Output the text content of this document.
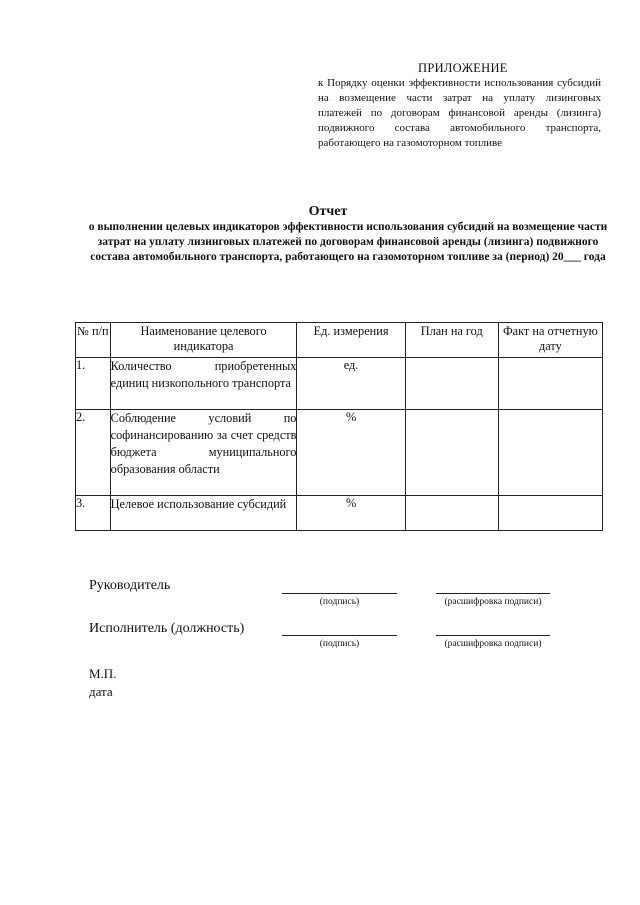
ПРИЛОЖЕНИЕ
к Порядку оценки эффективности использования субсидий на возмещение части затрат на уплату лизинговых платежей по договорам финансовой аренды (лизинга) подвижного состава автомобильного транспорта, работающего на газомоторном топливе
Отчет
о выполнении целевых индикаторов эффективности использования субсидий на возмещение части затрат на уплату лизинговых платежей по договорам финансовой аренды (лизинга) подвижного состава автомобильного транспорта, работающего на газомоторном топливе за (период) 20___ года
№ п/п	Наименование целевого индикатора	Ед. измерения	План на год	Факт на отчетную дату
1.	Количество приобретенных единиц низкопольного транспорта	ед.		
2.	Соблюдение условий по софинансированию за счет средств бюджета муниципального образования области	%		
3.	Целевое использование субсидий	%		
Руководитель
(подпись)	(расшифровка подписи)
Исполнитель (должность)
(подпись)	(расшифровка подписи)
М.П.
дата
